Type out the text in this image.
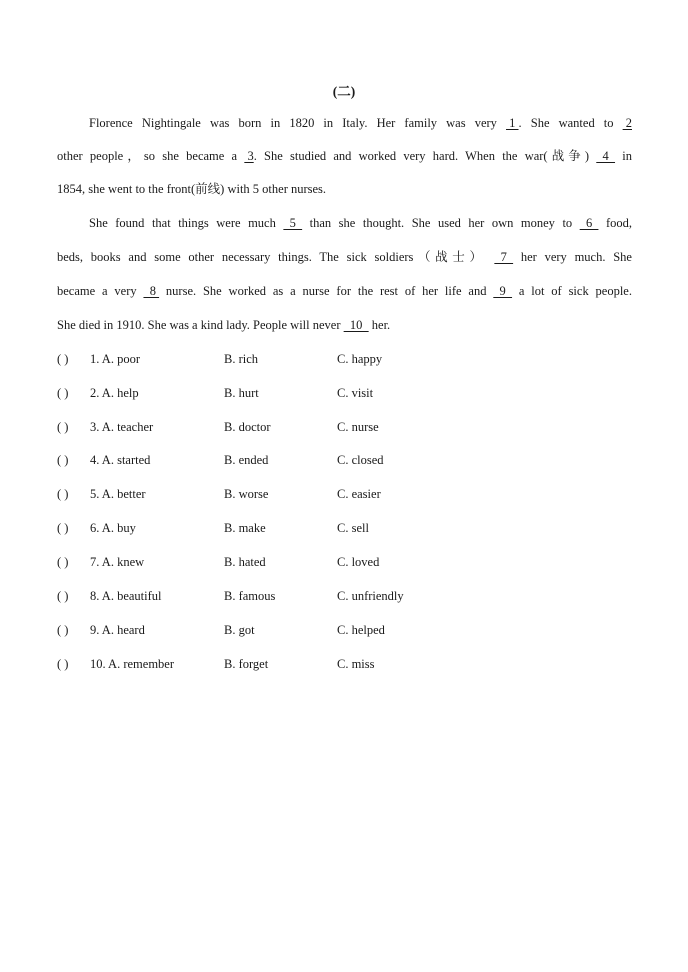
(二)
Florence Nightingale was born in 1820 in Italy. Her family was very  1 . She wanted to  2
other people，so she became a  3. She studied and worked very hard. When the war(战争)   4   in
1854, she went to the front(前线) with 5 other nurses.
She found that things were much   5   than she thought. She used her own money to   6   food,
beds, books and some other necessary things. The sick soldiers（战士）   7   her very much. She
became a very   8  nurse. She worked as a nurse for the rest of her life and   9   a lot of sick people.
She died in 1910. She was a kind lady. People will never   10   her.
( ) 1. A. poor	B. rich	C. happy
( ) 2. A. help	B. hurt	C. visit
( ) 3. A. teacher	B. doctor	C. nurse
( ) 4. A. started	B. ended	C. closed
( ) 5. A. better	B. worse	C. easier
( ) 6. A. buy	B. make	C. sell
( ) 7. A. knew	B. hated	C. loved
( ) 8. A. beautiful	B. famous	C. unfriendly
( ) 9. A. heard	B. got	C. helped
( ) 10. A. remember	B. forget	C. miss
